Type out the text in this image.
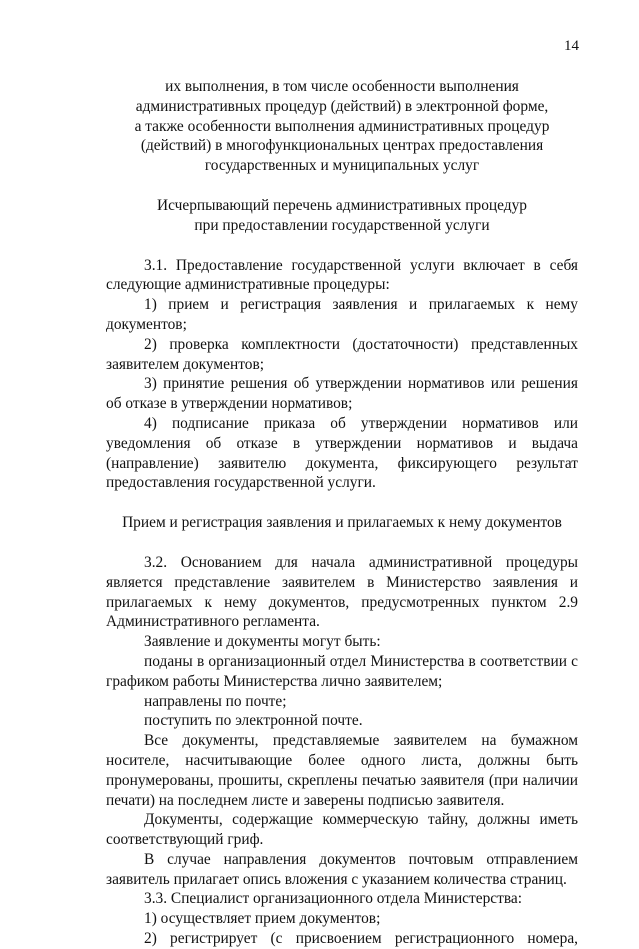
14
их выполнения, в том числе особенности выполнения
административных процедур (действий) в электронной форме,
а также особенности выполнения административных процедур
(действий) в многофункциональных центрах предоставления
государственных и муниципальных услуг
Исчерпывающий перечень административных процедур
при предоставлении государственной услуги

3.1. Предоставление государственной услуги включает в себя следующие административные процедуры:

1) прием и регистрация заявления и прилагаемых к нему документов;

2) проверка комплектности (достаточности) представленных заявителем документов;

3) принятие решения об утверждении нормативов или решения об отказе в утверждении нормативов;

4) подписание приказа об утверждении нормативов или уведомления об отказе в утверждении нормативов и выдача (направление) заявителю документа, фиксирующего результат предоставления государственной услуги.

Прием и регистрация заявления и прилагаемых к нему документов

3.2. Основанием для начала административной процедуры является представление заявителем в Министерство заявления и прилагаемых к нему документов, предусмотренных пунктом 2.9 Административного регламента.

Заявление и документы могут быть:

поданы в организационный отдел Министерства в соответствии с графиком работы Министерства лично заявителем;

направлены по почте;

поступить по электронной почте.

Все документы, представляемые заявителем на бумажном носителе, насчитывающие более одного листа, должны быть пронумерованы, прошиты, скреплены печатью заявителя (при наличии печати) на последнем листе и заверены подписью заявителя.

Документы, содержащие коммерческую тайну, должны иметь соответствующий гриф.

В случае направления документов почтовым отправлением заявитель прилагает опись вложения с указанием количества страниц.

3.3. Специалист организационного отдела Министерства:

1) осуществляет прием документов;

2) регистрирует (с присвоением регистрационного номера,
